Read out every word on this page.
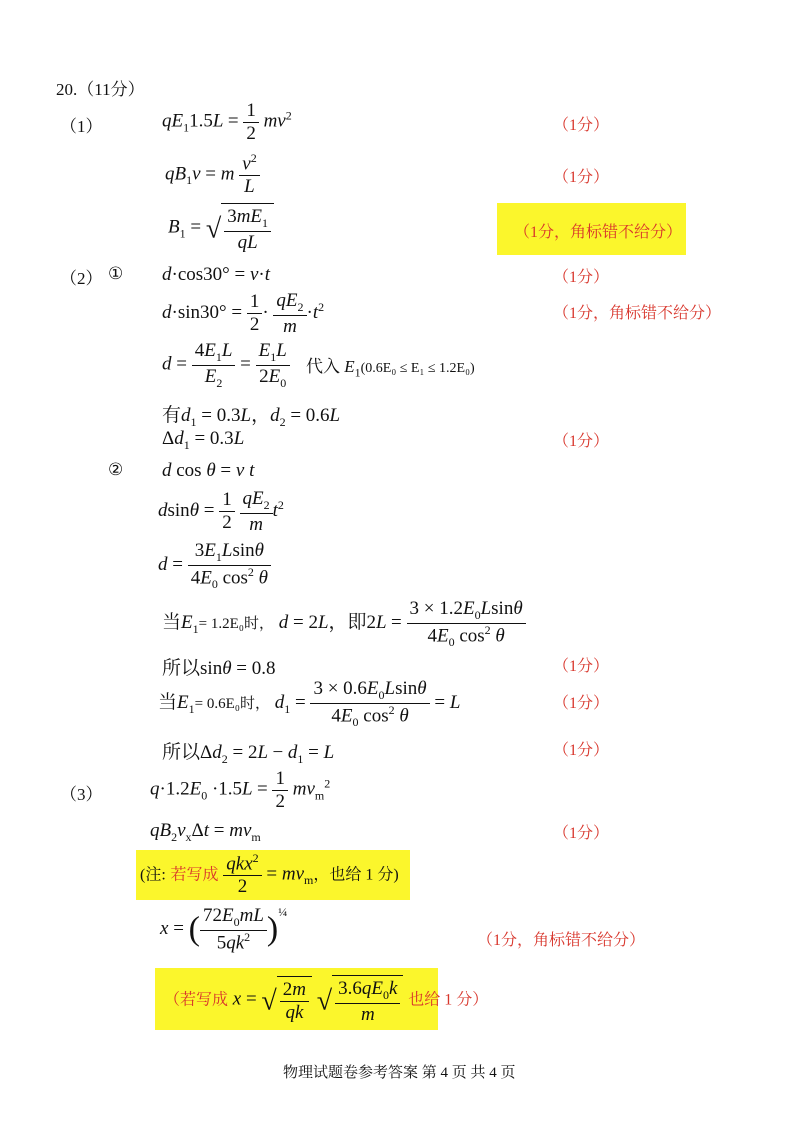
20.（11分）
（1）	$qE_11.5L = \frac{1}{2} mv^2$
（1分）
$qB_1v = m \frac{v^2}{L}$	（1分）
$B_1$ = √ $\frac{3mE_1}{qL}$	（1分，角标错不给分）
（2） ① d·cos30° = v·t	（1分）
$d\cdot\sin 30^\circ = \frac{1}{2} \cdot \frac{qE_2}{m} \cdot t^2$	（1分，角标错不给分）
$d = \frac{4E_1L}{E_2} = \frac{E_1L}{2E_0}$ 代入 $E_1(0.6E_0 \le E_1 \le 1.2E_0)$
有$d_1 = 0.3L$，$d_2 = 0.6L$
$\Delta d_1 = 0.3L$	（1分）
② d cos θ = v t
$dsin\theta = \frac{1}{2}$
$\frac{qE_2}{m} t^2$
$d = \frac{3E_1Lsin\theta}{4E_0 \cos^2 \theta}$
当$E_1= 1.2E_0$时， d = 2L，即$2L = \frac{3 \times 1.2E_0Lsin\theta}{4E_0 \cos^2 \theta}$
所以sinθ = 0.8	（1分）
当$E_1= 0.6E_0$时， $d_1 = \frac{3 \times 0.6E_0Lsin\theta}{4E_0 \cos^2 \theta} = L$	（1分）
所以$\Delta d_2 = 2L - d_1 = L$	（1分）
（3）	$q\cdot 1.2E_0 \cdot 1.5L = \frac{1}{2} mv_m^2$
$qB_2v_x\Delta t = mv_m$	（1分）
(注: 若写成 $\frac{qkx^2}{2} = mv_m$，也给 1 分)
x = ( $\frac{72E_0mL}{5qk^2} )^{\frac{1}{4}}$
（1分，角标错不给分）
（若写成 x = √ $\frac{2m}{qk}$ √ $\frac{3.6qE_0k}{m}$ 也给 1 分）
物理试题卷参考答案 第 4 页 共 4 页
